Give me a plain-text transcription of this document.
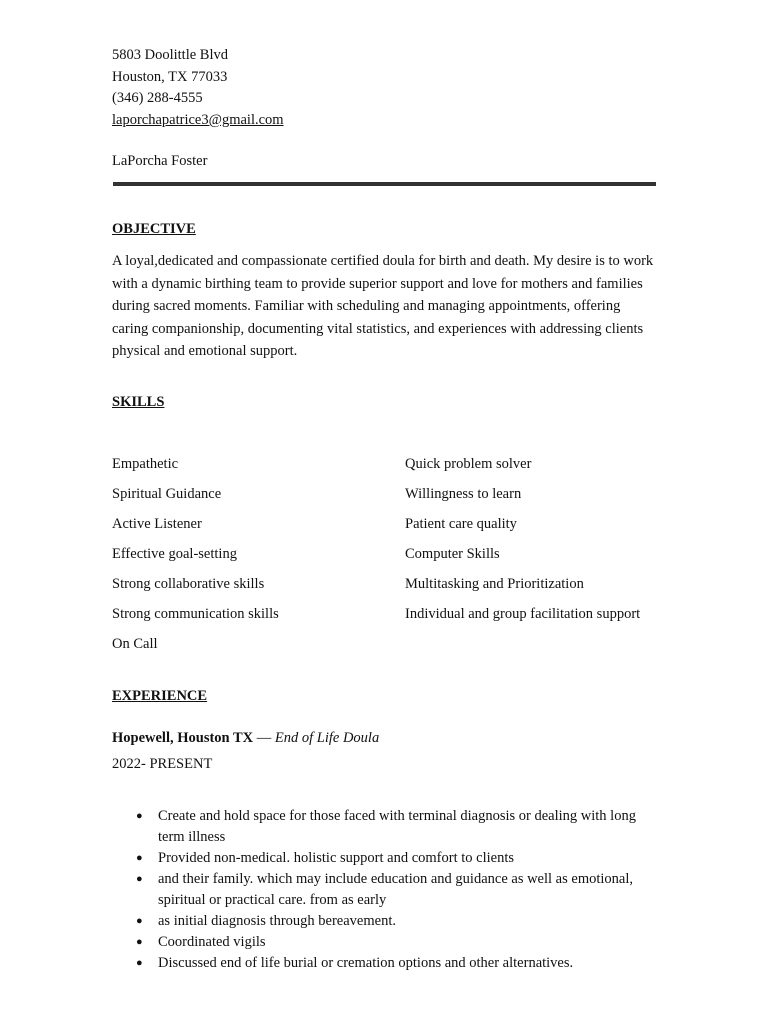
5803 Doolittle Blvd
Houston, TX 77033
(346) 288-4555
laporchapatrice3@gmail.com
LaPorcha Foster
OBJECTIVE
A loyal,dedicated and compassionate certified doula for birth and death. My desire is to work with a dynamic birthing team to provide superior support and love for mothers and families during sacred moments. Familiar with scheduling and managing appointments, offering caring companionship, documenting vital statistics, and experiences with addressing clients physical and emotional support.
SKILLS
Empathetic
Spiritual Guidance
Active Listener
Effective goal-setting
Strong collaborative skills
Strong communication skills
On Call
Quick problem solver
Willingness to learn
Patient care quality
Computer Skills
Multitasking and Prioritization
Individual and group facilitation support
EXPERIENCE
Hopewell, Houston TX — End of Life Doula
2022- PRESENT
● Create and hold space for those faced with terminal diagnosis or dealing with long term illness
● Provided non-medical. holistic support and comfort to clients
● and their family. which may include education and guidance as well as emotional, spiritual or practical care. from as early
● as initial diagnosis through bereavement.
● Coordinated vigils
● Discussed end of life burial or cremation options and other alternatives.
